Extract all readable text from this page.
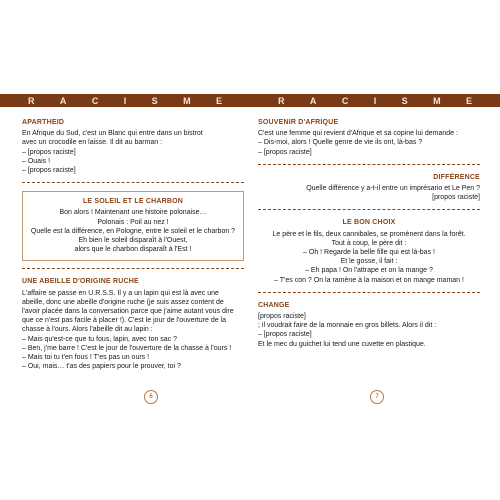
R	A	C	I	S	M	E	R	A	C	I	S	M	E
APARTHEID
En Afrique du Sud, c'est un Blanc qui entre dans un bistrot
avec un crocodile en laisse. Il dit au barman :
– [propos raciste]
– Ouais !
– [propos raciste]
LE SOLEIL ET LE CHARBON
Bon alors ! Maintenant une histoire polonaise…
Polonais : Poil au nez !
Quelle est la différence, en Pologne, entre le soleil et le charbon ?
Eh bien le soleil disparaît à l'Ouest,
alors que le charbon disparaît à l'Est !
UNE ABEILLE D'ORIGINE RUCHE
L'affaire se passe en U.R.S.S. Il y a un lapin qui est là avec une
abeille, donc une abeille d'origine ruche (je suis assez content de
l'avoir placée dans la conversation parce que j'aime autant vous dire
que ce n'est pas facile à placer !). C'est le jour de l'ouverture de la
chasse à l'ours. Alors l'abeille dit au lapin :
– Mais qu'est-ce que tu fous, lapin, avec ton sac ?
– Ben, j'me barre ! C'est le jour de l'ouverture de la chasse à l'ours !
– Mais toi tu t'en fous ! T'es pas un ours !
– Oui, mais… t'as des papiers pour le prouver, toi ?
6
SOUVENIR D'AFRIQUE
C'est une femme qui revient d'Afrique et sa copine lui demande :
– Dis-moi, alors ! Quelle genre de vie ils ont, là-bas ?
– [propos raciste]
DIFFÉRENCE
Quelle différence y a-t-il entre un imprésario et Le Pen ?
[propos raciste]
LE BON CHOIX
Le père et le fils, deux cannibales, se promènent dans la forêt.
Tout à coup, le père dit :
– Oh ! Regarde la belle fille qui est là-bas !
Et le gosse, il fait :
– Eh papa ! On l'attrape et on la mange ?
– T'es con ? On la ramène à la maison et on mange maman !
CHANGE
[propos raciste]
; il voudrait faire de la monnaie en gros billets. Alors il dit :
– [propos raciste]
Et le mec du guichet lui tend une cuvette en plastique.
7
